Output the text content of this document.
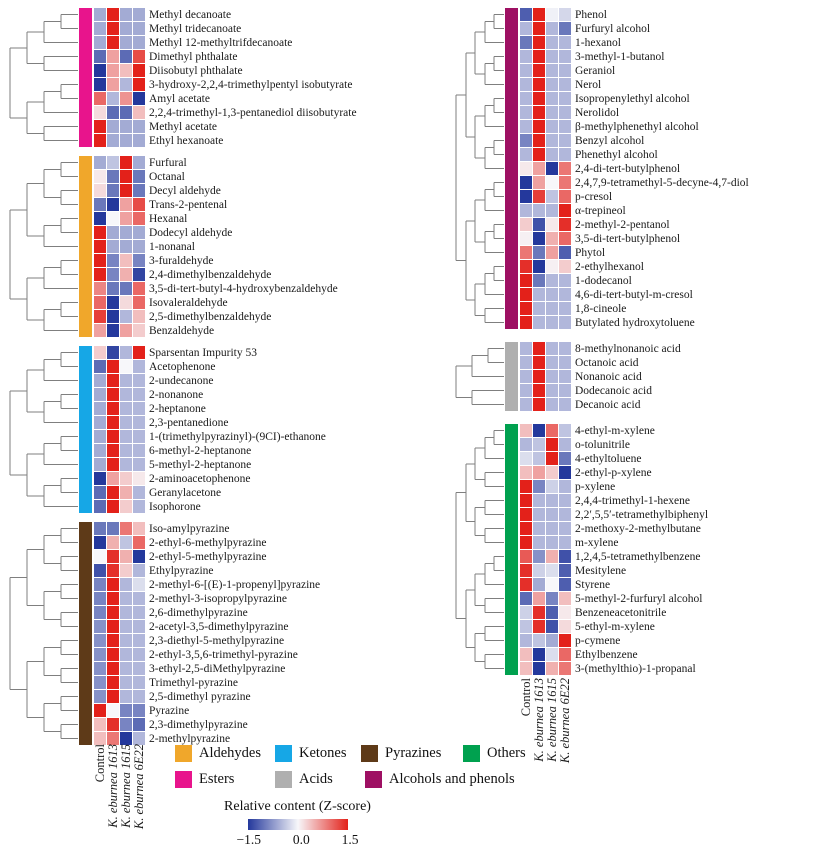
Methyl decanoate
Methyl tridecanoate
Methyl 12-methyltrifdecanoate
Dimethyl phthalate
Diisobutyl phthalate
3-hydroxy-2,2,4-trimethylpentyl isobutyrate
Amyl acetate
2,2,4-trimethyl-1,3-pentanediol diisobutyrate
Methyl acetate
Ethyl hexanoate
Furfural
Octanal
Decyl aldehyde
Trans-2-pentenal
Hexanal
Dodecyl aldehyde
1-nonanal
3-furaldehyde
2,4-dimethylbenzaldehyde
3,5-di-tert-butyl-4-hydroxybenzaldehyde
Isovaleraldehyde
2,5-dimethylbenzaldehyde
Benzaldehyde
Sparsentan Impurity 53
Acetophenone
2-undecanone
2-nonanone
2-heptanone
2,3-pentanedione
1-(trimethylpyrazinyl)-(9CI)-ethanone
6-methyl-2-heptanone
5-methyl-2-heptanone
2-aminoacetophenone
Geranylacetone
Isophorone
Iso-amylpyrazine
2-ethyl-6-methylpyrazine
2-ethyl-5-methylpyrazine
Ethylpyrazine
2-methyl-6-[(E)-1-propenyl]pyrazine
2-methyl-3-isopropylpyrazine
2,6-dimethylpyrazine
2-acetyl-3,5-dimethylpyrazine
2,3-diethyl-5-methylpyrazine
2-ethyl-3,5,6-trimethyl-pyrazine
3-ethyl-2,5-diMethylpyrazine
Trimethyl-pyrazine
2,5-dimethyl pyrazine
Pyrazine
2,3-dimethylpyrazine
2-methylpyrazine
Phenol
Furfuryl alcohol
1-hexanol
3-methyl-1-butanol
Geraniol
Nerol
Isopropenylethyl alcohol
Nerolidol
β-methylphenethyl alcohol
Benzyl alcohol
Phenethyl alcohol
2,4-di-tert-butylphenol
2,4,7,9-tetramethyl-5-decyne-4,7-diol
p-cresol
α-trepineol
2-methyl-2-pentanol
3,5-di-tert-butylphenol
Phytol
2-ethylhexanol
1-dodecanol
4,6-di-tert-butyl-m-cresol
1,8-cineole
Butylated hydroxytoluene
8-methylnonanoic acid
Octanoic acid
Nonanoic acid
Dodecanoic acid
Decanoic acid
4-ethyl-m-xylene
o-tolunitrile
4-ethyltoluene
2-ethyl-p-xylene
p-xylene
2,4,4-trimethyl-1-hexene
2,2′,5,5′-tetramethylbiphenyl
2-methoxy-2-methylbutane
m-xylene
1,2,4,5-tetramethylbenzene
Mesitylene
Styrene
5-methyl-2-furfuryl alcohol
Benzeneacetonitrile
5-ethyl-m-xylene
p-cymene
Ethylbenzene
3-(methylthio)-1-propanal
Control K. eburnea 1613 K. eburnea 1615 K. eburnea 6E22
Control K. eburnea 1613 K. eburnea 1615 K. eburnea 6E22
Aldehydes	Ketones	Pyrazines	Others
Esters	Acids	Alcohols and phenols
Relative content (Z-score)
−1.5 0.0 1.5
